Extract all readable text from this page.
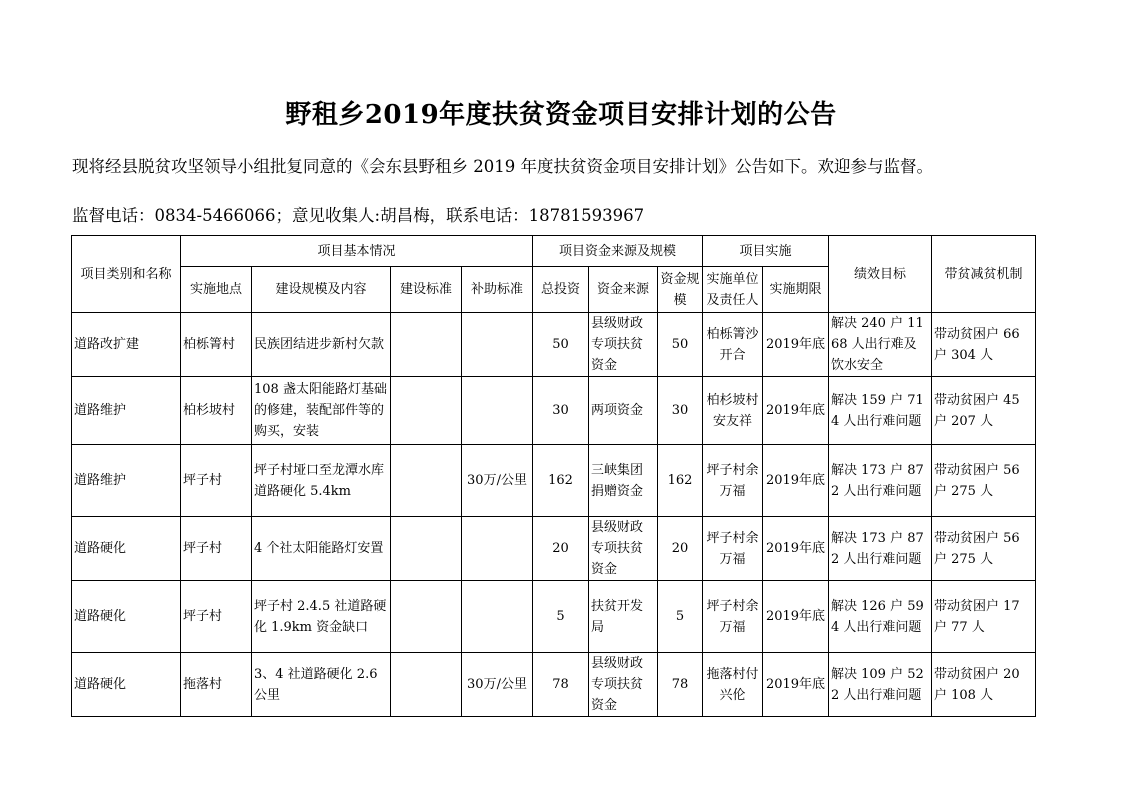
野租乡2019年度扶贫资金项目安排计划的公告
现将经县脱贫攻坚领导小组批复同意的《会东县野租乡 2019 年度扶贫资金项目安排计划》公告如下。欢迎参与监督。
监督电话：0834-5466066；意见收集人:胡昌梅，联系电话：18781593967
项目类别和名称	项目基本情况				项目资金来源及规模			项目实施		绩效目标	带贫减贫机制
	实施地点	建设规模及内容	建设标准	补助标准	总投资	资金来源	资金规模	实施单位及责任人	实施期限		
道路改扩建	柏栎箐村	民族团结进步新村欠款			50	县级财政专项扶贫资金	50	柏栎箐沙开合	2019年底	解决 240 户 1168 人出行难及饮水安全	带动贫困户 66 户 304 人
道路维护	柏杉坡村	108 盏太阳能路灯基础的修建，装配部件等的购买，安装			30	两项资金	30	柏杉坡村安友祥	2019年底	解决 159 户 714 人出行难问题	带动贫困户 45 户 207 人
道路维护	坪子村	坪子村垭口至龙潭水库道路硬化 5.4km		30万/公里	162	三峡集团捐赠资金	162	坪子村余万福	2019年底	解决 173 户 872 人出行难问题	带动贫困户 56 户 275 人
道路硬化	坪子村	4 个社太阳能路灯安置			20	县级财政专项扶贫资金	20	坪子村余万福	2019年底	解决 173 户 872 人出行难问题	带动贫困户 56 户 275 人
道路硬化	坪子村	坪子村 2.4.5 社道路硬化 1.9km 资金缺口			5	扶贫开发局	5	坪子村余万福	2019年底	解决 126 户 594 人出行难问题	带动贫困户 17 户 77 人
道路硬化	拖落村	3、4 社道路硬化 2.6 公里		30万/公里	78	县级财政专项扶贫资金	78	拖落村付兴伦	2019年底	解决 109 户 522 人出行难问题	带动贫困户 20 户 108 人
